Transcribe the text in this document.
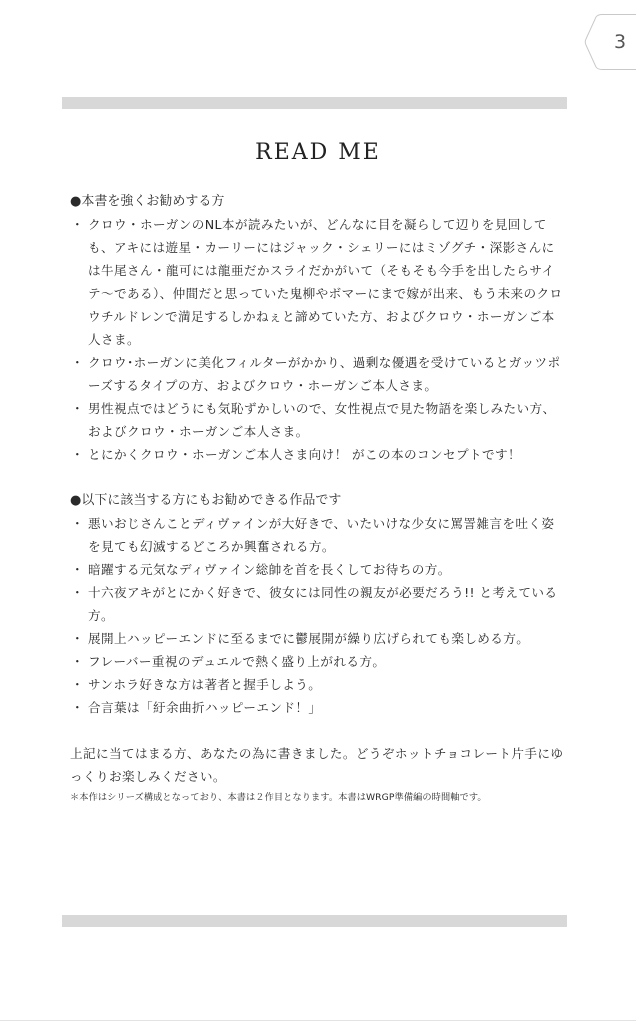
3
READ ME
●本書を強くお勧めする方
・ クロウ・ホーガンのNL本が読みたいが、どんなに目を凝らして辺りを見回しても、アキには遊星・カーリーにはジャック・シェリーにはミゾグチ・深影さんには牛尾さん・龍可には龍亜だかスライだかがいて（そもそも今手を出したらサイテ～である）、仲間だと思っていた鬼柳やボマーにまで嫁が出来、もう未来のクロウチルドレンで満足するしかねぇと諦めていた方、およびクロウ・ホーガンご本人さま。
・ クロウ･ホーガンに美化フィルターがかかり、過剰な優遇を受けているとガッツポーズするタイプの方、およびクロウ・ホーガンご本人さま。
・ 男性視点ではどうにも気恥ずかしいので、女性視点で見た物語を楽しみたい方、およびクロウ・ホーガンご本人さま。
・ とにかくクロウ・ホーガンご本人さま向け！ がこの本のコンセプトです！
●以下に該当する方にもお勧めできる作品です
・ 悪いおじさんことディヴァインが大好きで、いたいけな少女に罵詈雑言を吐く姿を見ても幻滅するどころか興奮される方。
・ 暗躍する元気なディヴァイン総帥を首を長くしてお待ちの方。
・ 十六夜アキがとにかく好きで、彼女には同性の親友が必要だろう!! と考えている方。
・ 展開上ハッピーエンドに至るまでに鬱展開が繰り広げられても楽しめる方。
・ フレーバー重視のデュエルで熱く盛り上がれる方。
・ サンホラ好きな方は著者と握手しよう。
・ 合言葉は「紆余曲折ハッピーエンド！」
上記に当てはまる方、あなたの為に書きました。どうぞホットチョコレート片手にゆっくりお楽しみください。
＊本作はシリーズ構成となっており、本書は２作目となります。本書はWRGP準備編の時間軸です。
